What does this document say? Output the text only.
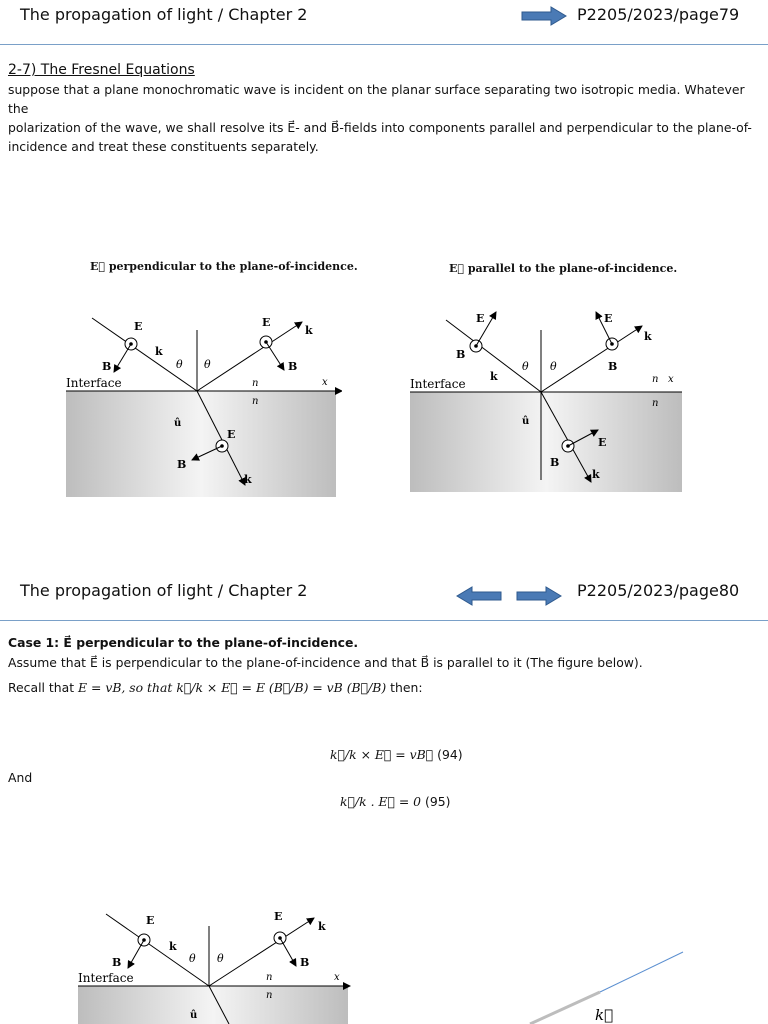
The propagation of light / Chapter 2	P2205/2023/page79
2-7) The Fresnel Equations
suppose that a plane monochromatic wave is incident on the planar surface separating two isotropic media. Whatever the
polarization of the wave, we shall resolve its E⃗- and B⃗-fields into components parallel and perpendicular to the plane-of-
incidence and treat these constituents separately.
E⃗ perpendicular to the plane-of-incidence.	E⃗ parallel to the plane-of-incidence.
E
B
k
E
k
B
θ θ
n
n
x
Interface
û
E
B
k
E
B
k
E
k
B
θ θ
n x
n
Interface
û
E
B
k
The propagation of light / Chapter 2	P2205/2023/page80
Case 1: E⃗ perpendicular to the plane-of-incidence.
Assume that E⃗ is perpendicular to the plane-of-incidence and that B⃗ is parallel to it (The figure below).
Recall that E = vB, so that k⃗/k × E⃗ = E (B⃗/B) = vB (B⃗/B) then:
k⃗/k × E⃗ = vB⃗ (94)
And
k⃗/k . E⃗ = 0 (95)
E
B
k
E
k
B
θ θ
n
n
x
Interface
û	k⃗
